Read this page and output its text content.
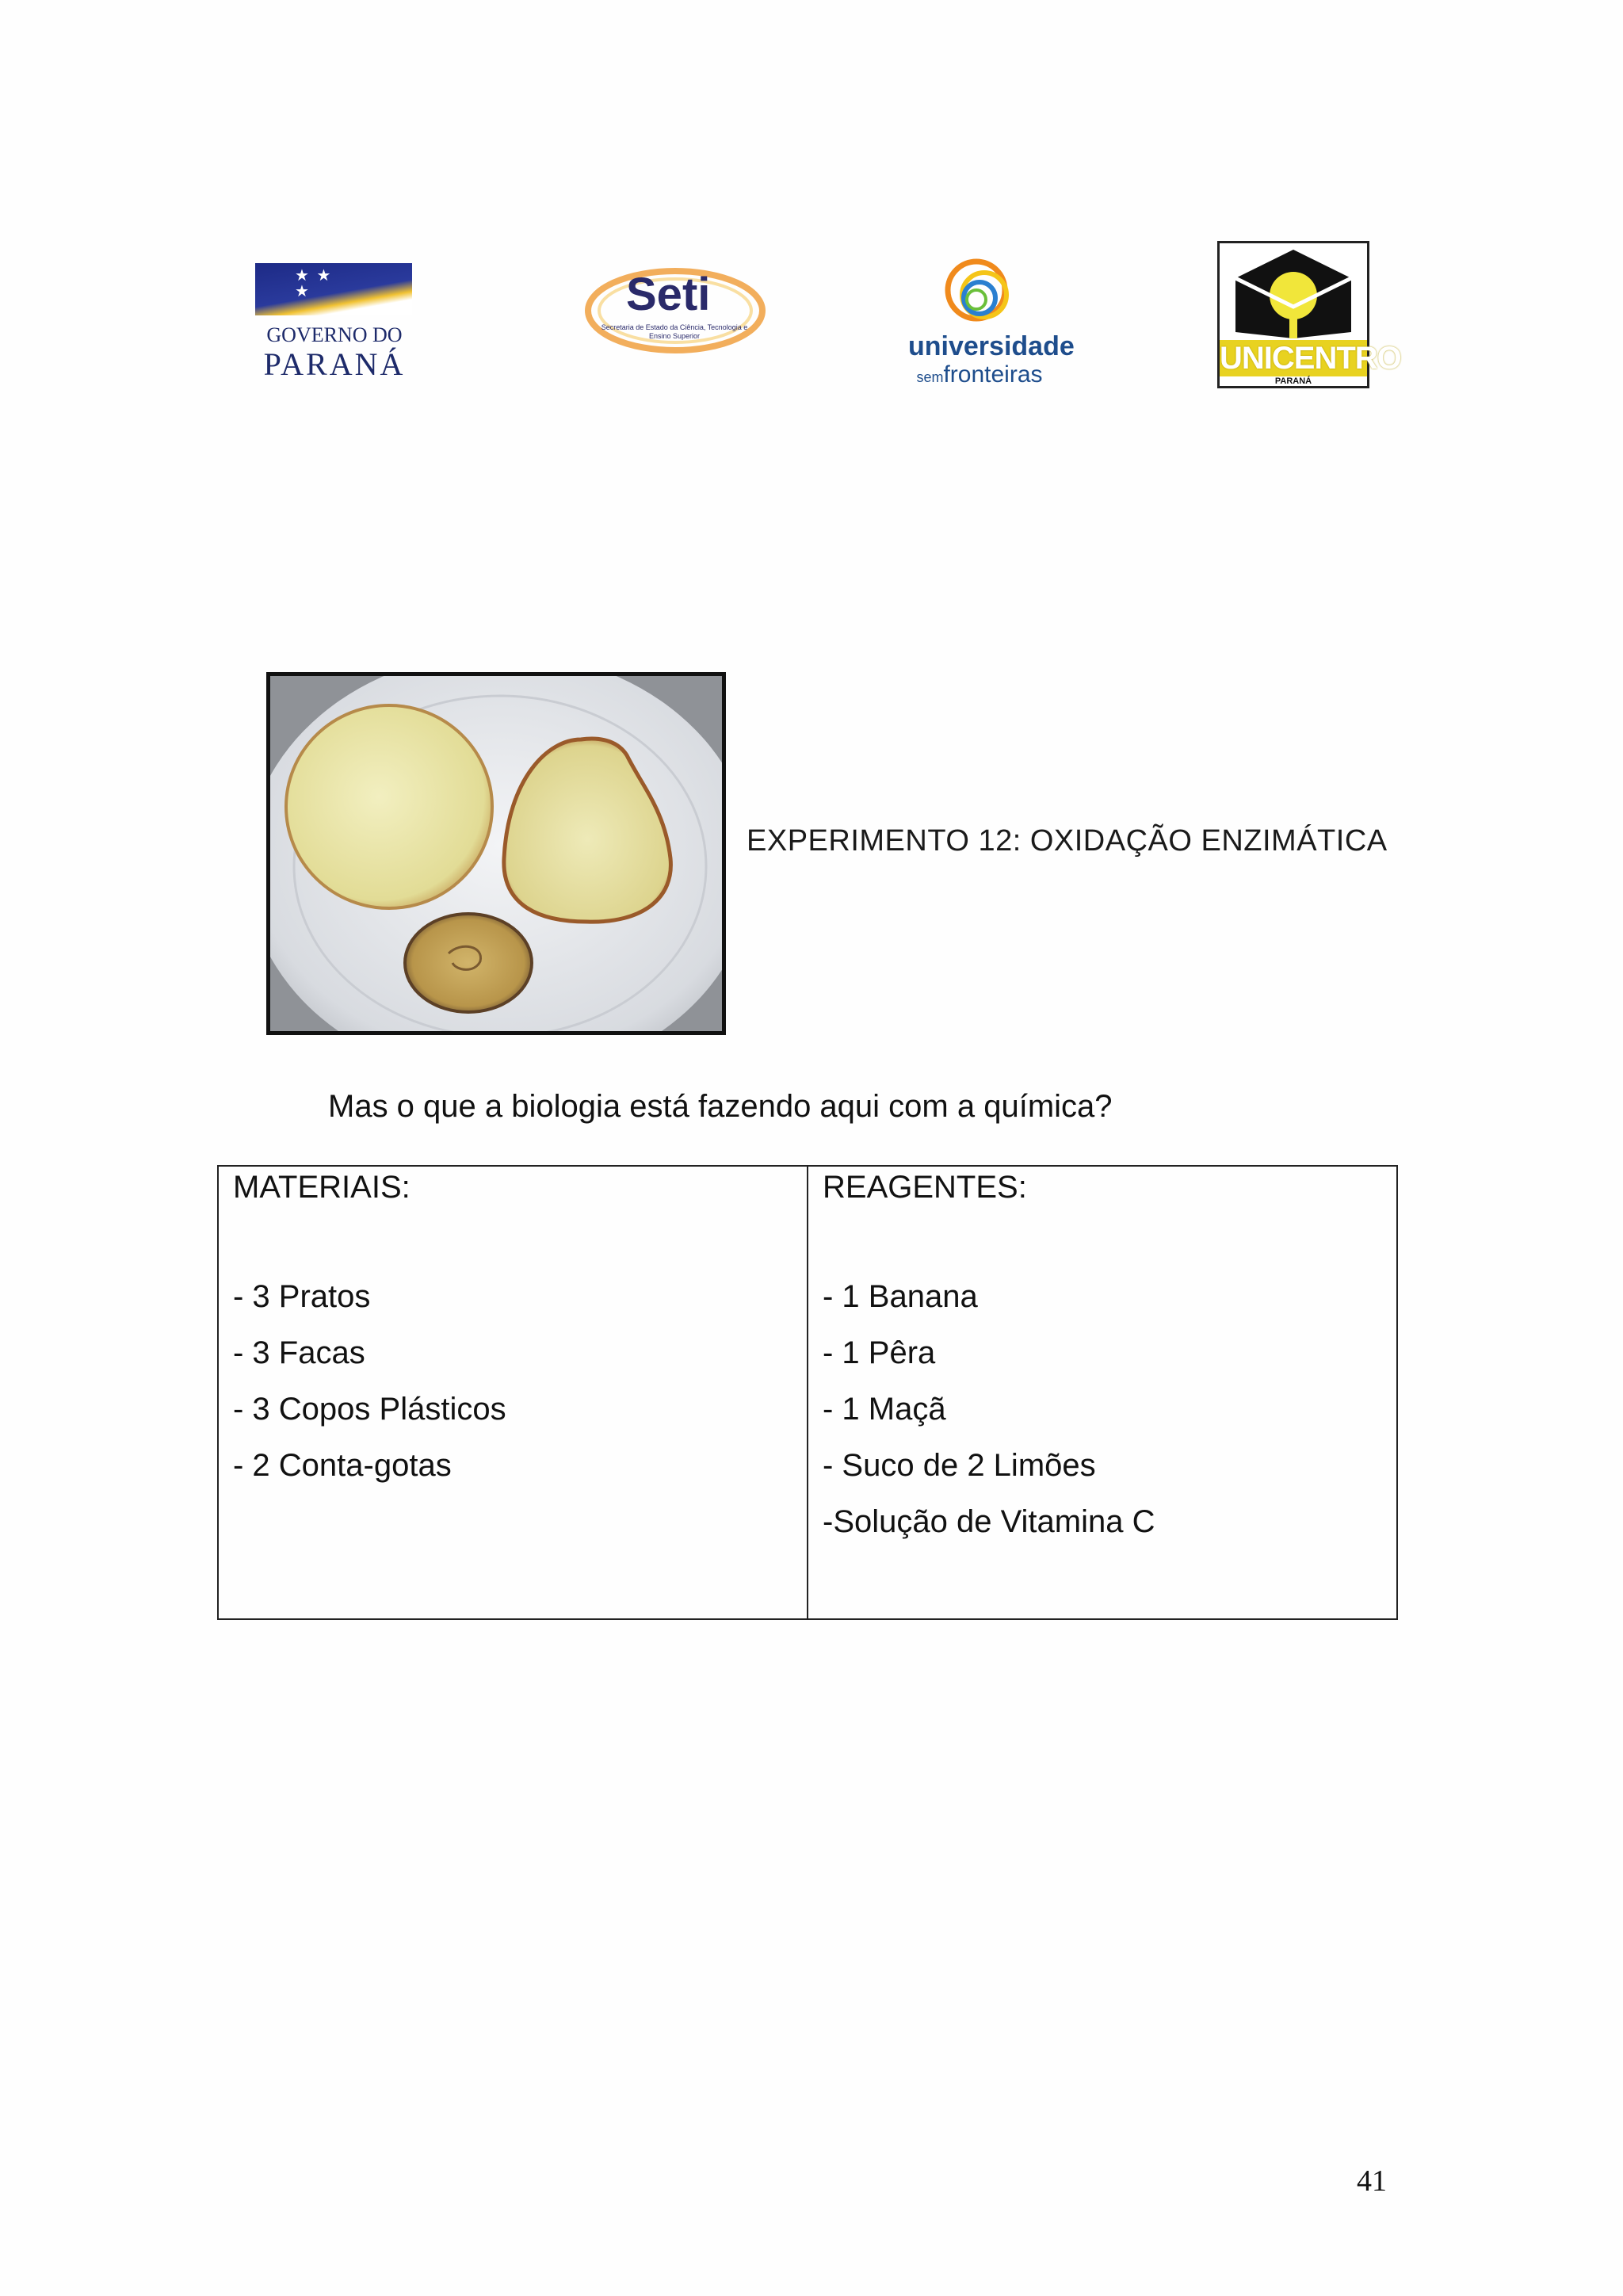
★ ★
★
GOVERNO DO
PARANÁ
Seti
Secretaria de Estado da Ciência, Tecnologia e Ensino Superior	universidade
semfronteiras	UNICENTRO
PARANÁ
EXPERIMENTO 12: OXIDAÇÃO ENZIMÁTICA
Mas o que a biologia está fazendo aqui com a química?
MATERIAIS:
- 3 Pratos
- 3 Facas
- 3 Copos Plásticos
- 2 Conta-gotas
REAGENTES:
- 1 Banana
- 1 Pêra
- 1 Maçã
- Suco de 2 Limões
-Solução de Vitamina C
41
